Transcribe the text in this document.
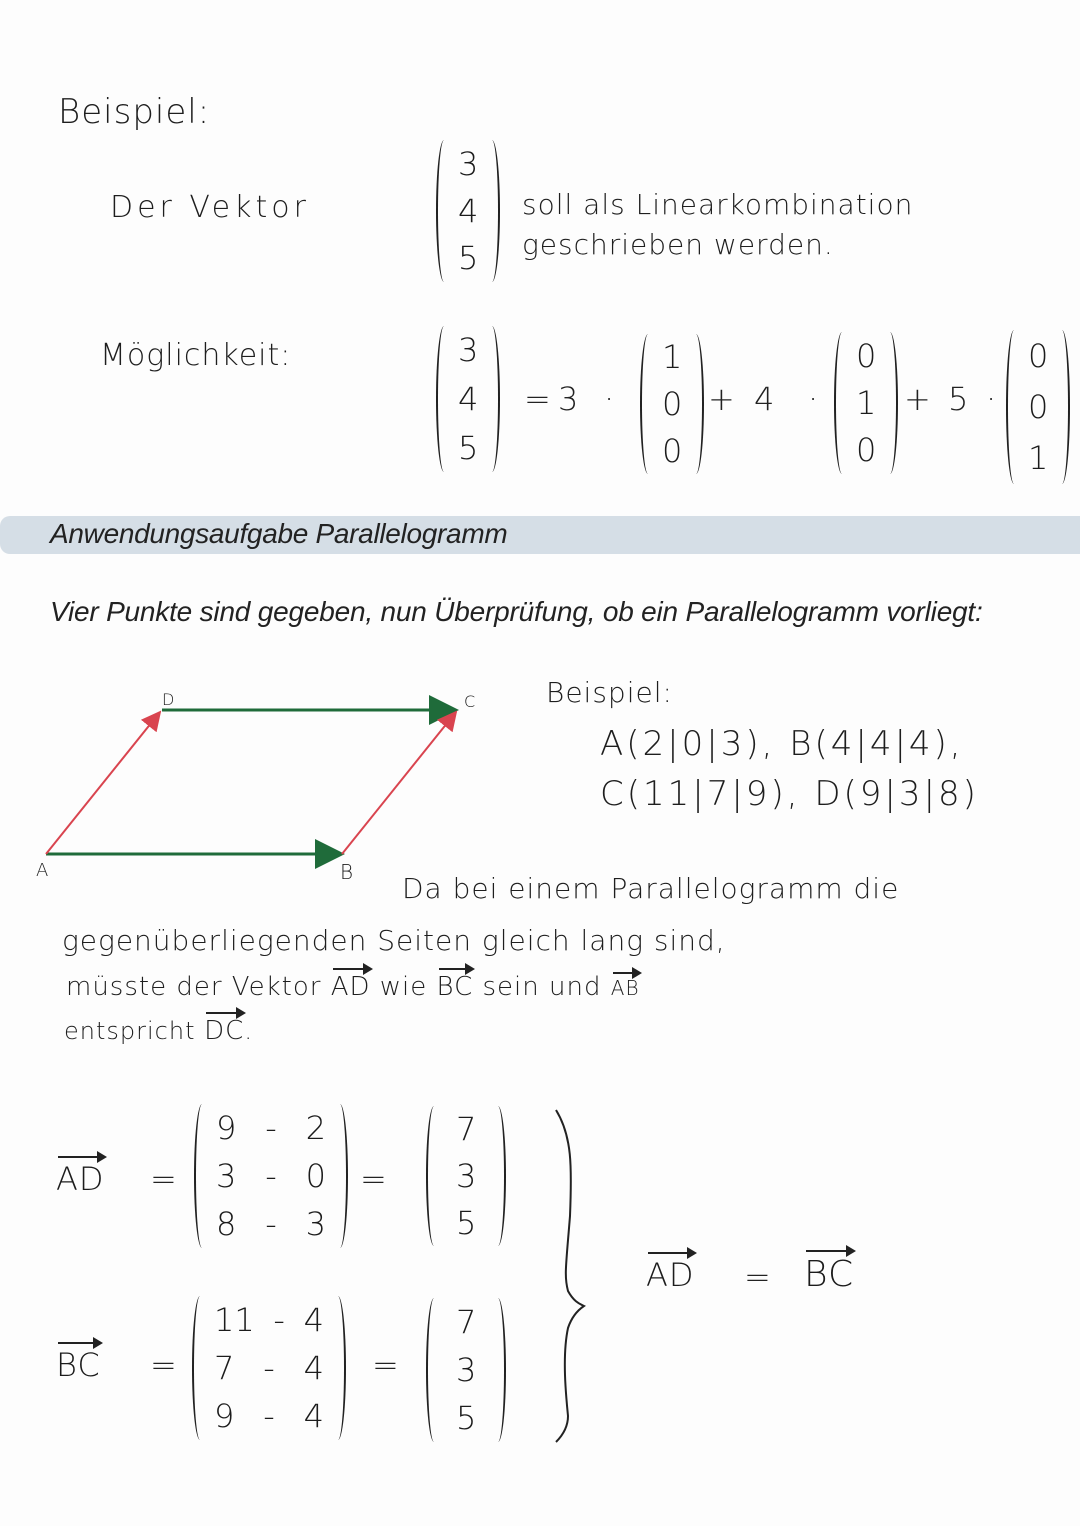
Beispiel:
Der Vektor
3
4
5
soll als Linearkombination
geschrieben werden.
Möglichkeit:	3
4
5
= 3 ·
1
0
0
+ 4 ·
0
1
0
+ 5 ·
0
0
1
Anwendungsaufgabe Parallelogramm
Vier Punkte sind gegeben, nun Überprüfung, ob ein Parallelogramm vorliegt:
D	C
A	B
Beispiel:
A(2|0|3), B(4|4|4),
C(11|7|9), D(9|3|8)
Da bei einem Parallelogramm die
gegenüberliegenden Seiten gleich lang sind,
müsste der Vektor AD wie BC sein und AB
entspricht DC.
AD =
9 - 2
3 - 0
8 - 3
=
7
3
5
BC =
11 - 4
7 - 4
9 - 4
=
7
3
5
AD = BC
